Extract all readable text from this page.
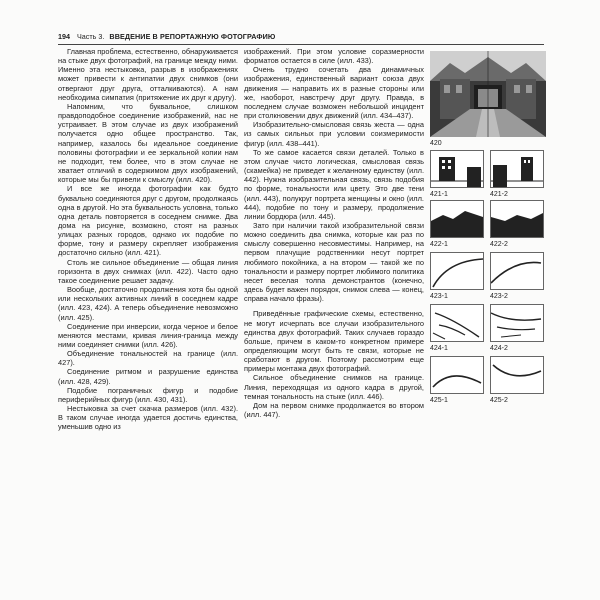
194 Часть 3. ВВЕДЕНИЕ В РЕПОРТАЖНУЮ ФОТОГРАФИЮ

Главная проблема, естественно, обнаруживается на стыке двух фотографий, на границе между ними. Именно эта нестыковка, разрыв в изображениях может привести к антипатии двух снимков (они отвергают друг друга, отталкиваются). А нам необходима симпатия (притяжение их друг к другу).

Напомним, что буквальное, слишком правдоподобное соединение изображений, нас не устраивает. В этом случае из двух изображений получается одно общее пространство. Так, например, казалось бы идеальное соединение половины фотографии и ее зеркальной копии нам не подходит, тем более, что в этом случае не хватает отличий в содержимом двух изображений, которые мы бы привели к смыслу (илл. 420).

И все же иногда фотографии как будто буквально соединяются друг с другом, продолжаясь одна в другой. Но эта буквальность условна, только одна деталь повторяется в соседнем снимке. Два дома на рисунке, возможно, стоят на разных улицах разных городов, однако их подобие по форме, тону и размеру скрепляет изображения достаточно сильно (илл. 421).

Столь же сильное объединение — общая линия горизонта в двух снимках (илл. 422). Часто одно такое соединение решает задачу.

Вообще, достаточно продолжения хотя бы одной или нескольких активных линий в соседнем кадре (илл. 423, 424). А теперь объединение невозможно (илл. 425).

Соединение при инверсии, когда черное и белое меняются местами, кривая линия-граница между ними соединяет снимки (илл. 426).

Объединение тональностей на границе (илл. 427).

Соединение ритмом и разрушение единства (илл. 428, 429).

Подобие пограничных фигур и подобие периферийных фигур (илл. 430, 431).

Нестыковка за счет скачка размеров (илл. 432). В таком случае иногда удается достичь единства, уменьшив одно из

изображений. При этом условие соразмерности форматов остается в силе (илл. 433).

Очень трудно сочетать два динамичных изображения, единственный вариант союза двух движения — направить их в разные стороны или же, наоборот, навстречу друг другу. Правда, в последнем случае возможен небольшой инцидент при столкновении двух движений (илл. 434–437).

Изобразительно-смысловая связь жеста — одна из самых сильных при условии соизмеримости фигур (илл. 438–441).

То же самое касается связи деталей. Только в этом случае чисто логическая, смысловая связь (скамейка) не приведет к желанному единству (илл. 442). Нужна изобразительная связь, связь подобия по форме, тональности или цвету. Это две тени (илл. 443), полукруг портрета женщины и окно (илл. 444), подобие по тону и размеру, продолжение линии бордюра (илл. 445).

Зато при наличии такой изобразительной связи можно соединить два снимка, которые как раз по смыслу совершенно несовместимы. Например, на первом плачущие родственники несут портрет любимого покойника, а на втором — такой же по тональности и размеру портрет любимого политика несет веселая толпа демонстрантов (конечно, здесь будет важен порядок, снимок слева — конец, справа начало фразы).

Приведённые графические схемы, естественно, не могут исчерпать все случаи изобразительного единства двух фотографий. Таких случаев гораздо больше, причем в каком-то конкретном примере определяющим могут быть те связи, которые не сработают в другом. Поэтому рассмотрим еще примеры монтажа двух фотографий.

Сильное объединение снимков на границе. Линия, переходящая из одного кадра в другой, темная тональность на стыке (илл. 446).

Дом на первом снимке продолжается во втором (илл. 447).

420
421-1	421-2
422-1	422-2
423-1	423-2
424-1	424-2
425-1	425-2
